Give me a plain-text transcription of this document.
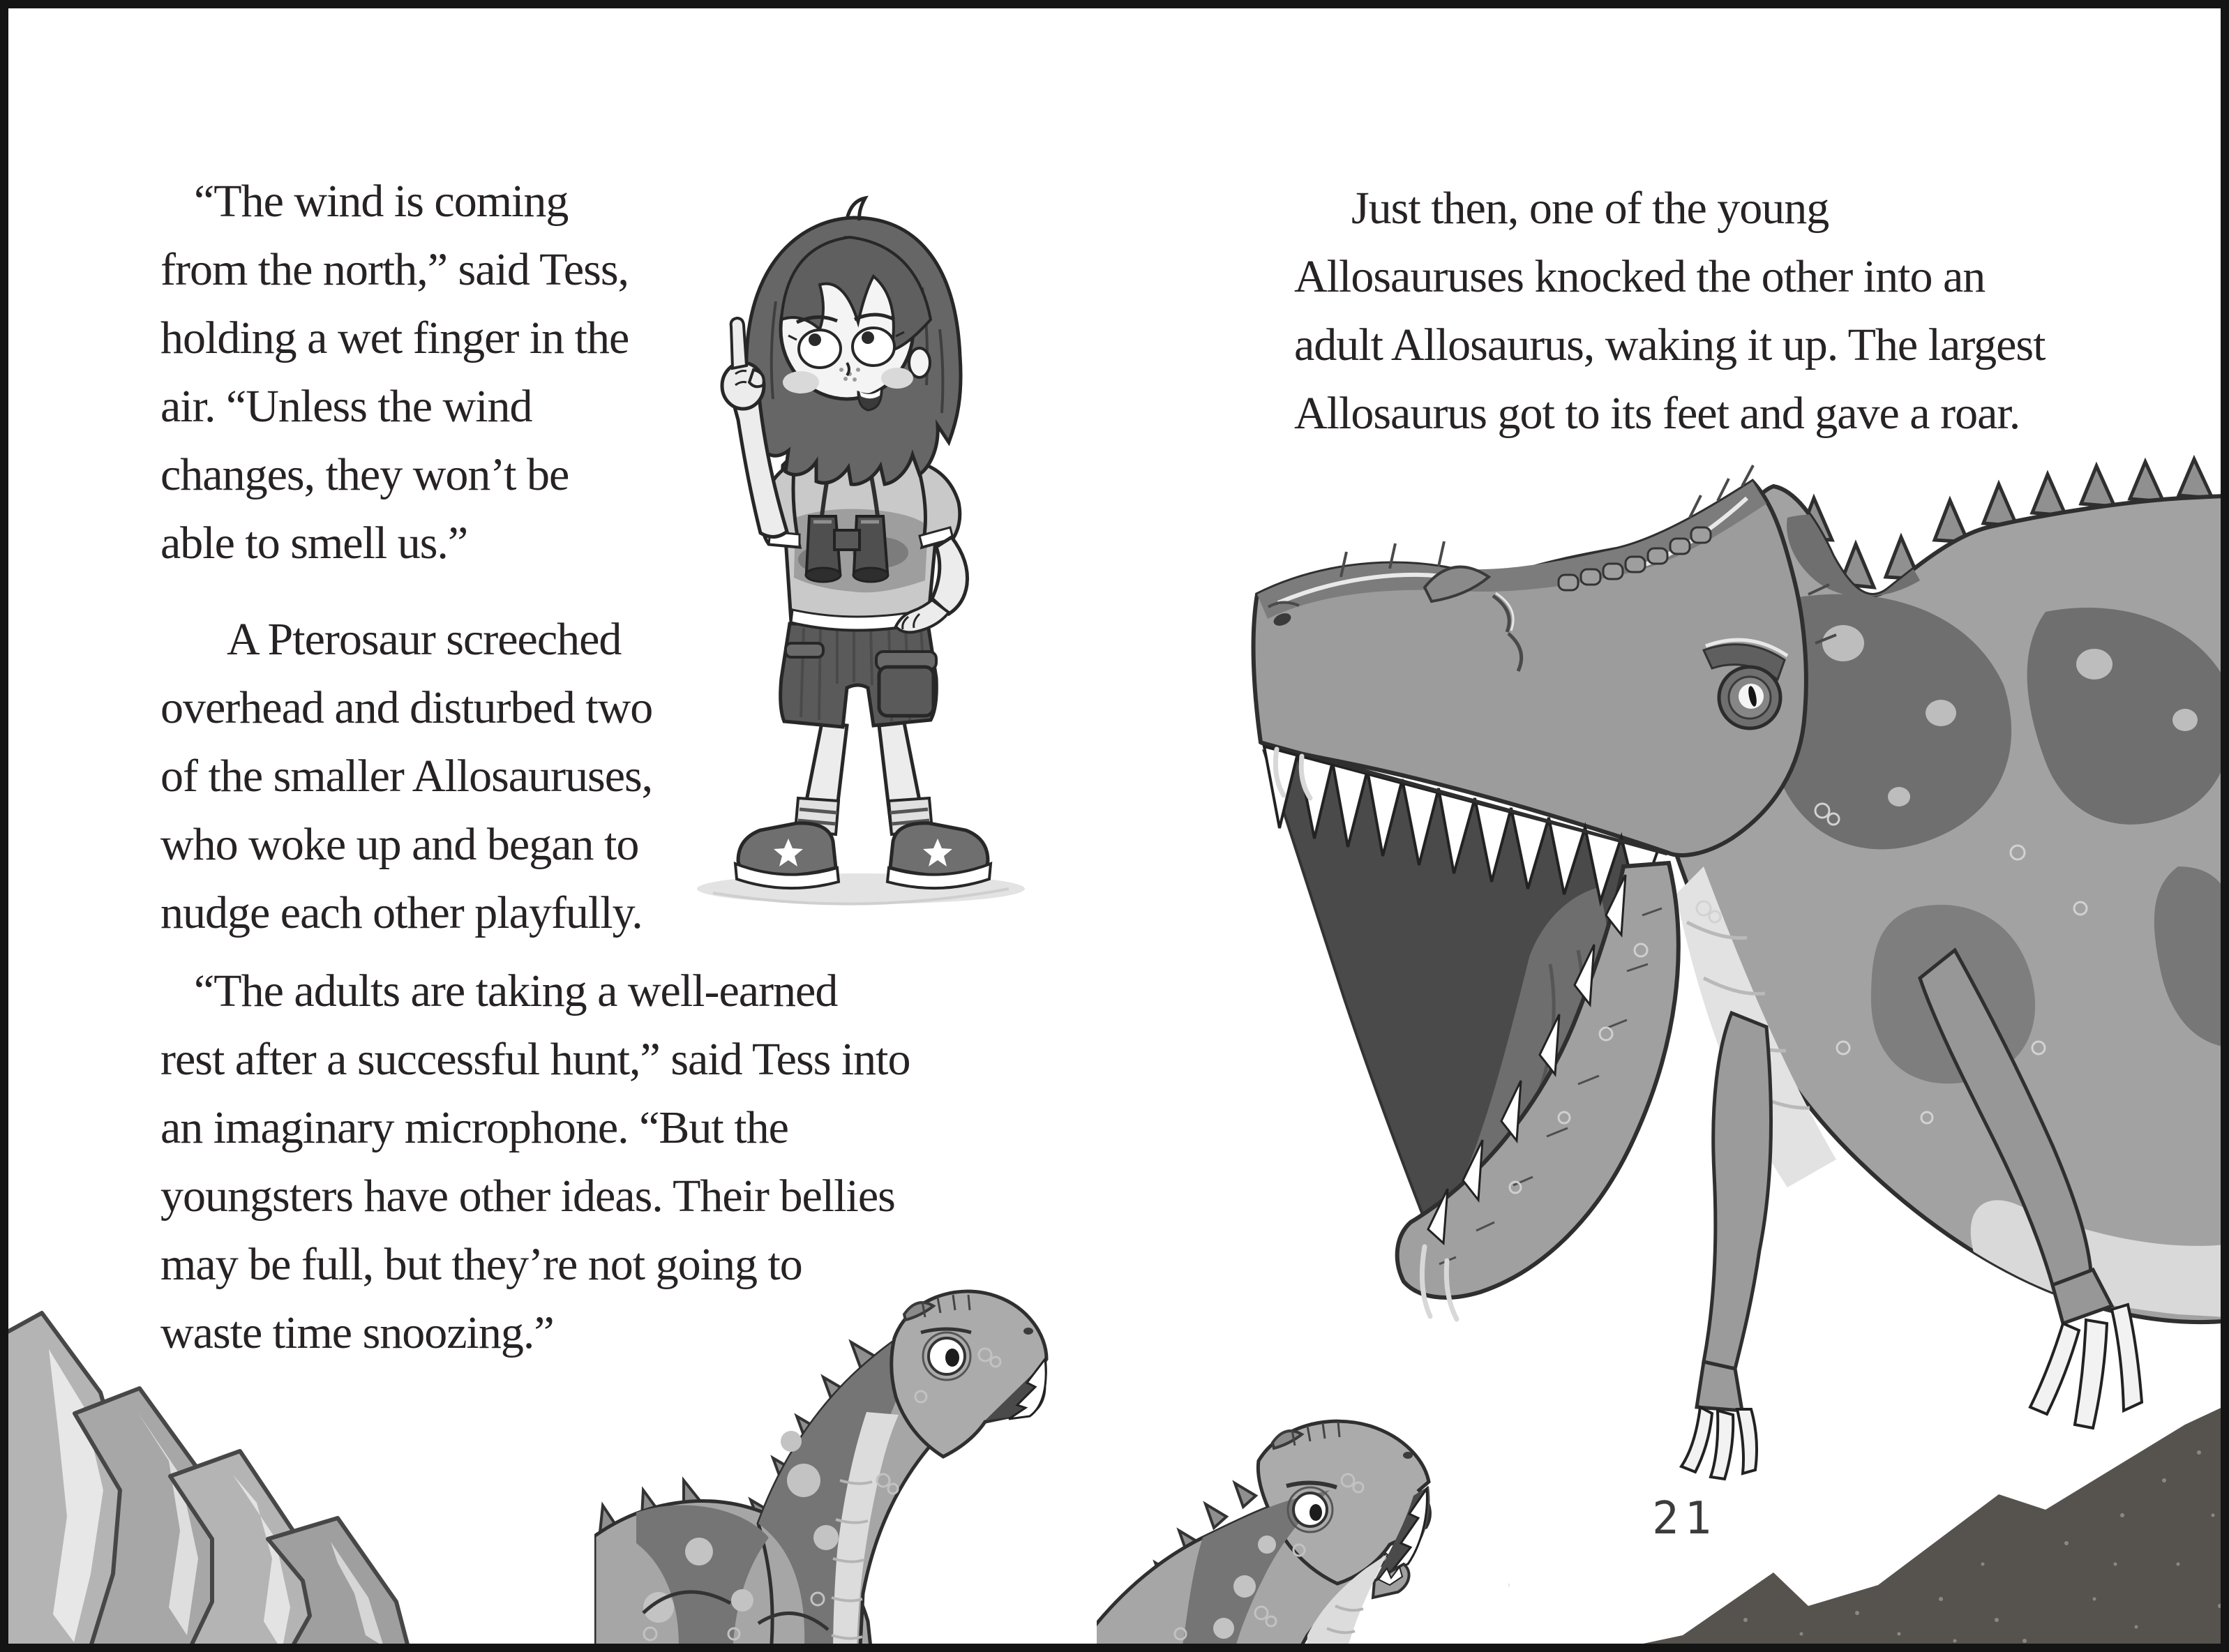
“The wind is coming
from the north,” said Tess,
holding a wet finger in the
air. “Unless the wind
changes, they won’t be
able to smell us.”
A Pterosaur screeched
overhead and disturbed two
of the smaller Allosauruses,
who woke up and began to
nudge each other playfully.
“The adults are taking a well-earned
rest after a successful hunt,” said Tess into
an imaginary microphone. “But the
youngsters have other ideas. Their bellies
may be full, but they’re not going to
waste time snoozing.”
Just then, one of the young
Allosauruses knocked the other into an
adult Allosaurus, waking it up. The largest
Allosaurus got to its feet and gave a roar.
21
